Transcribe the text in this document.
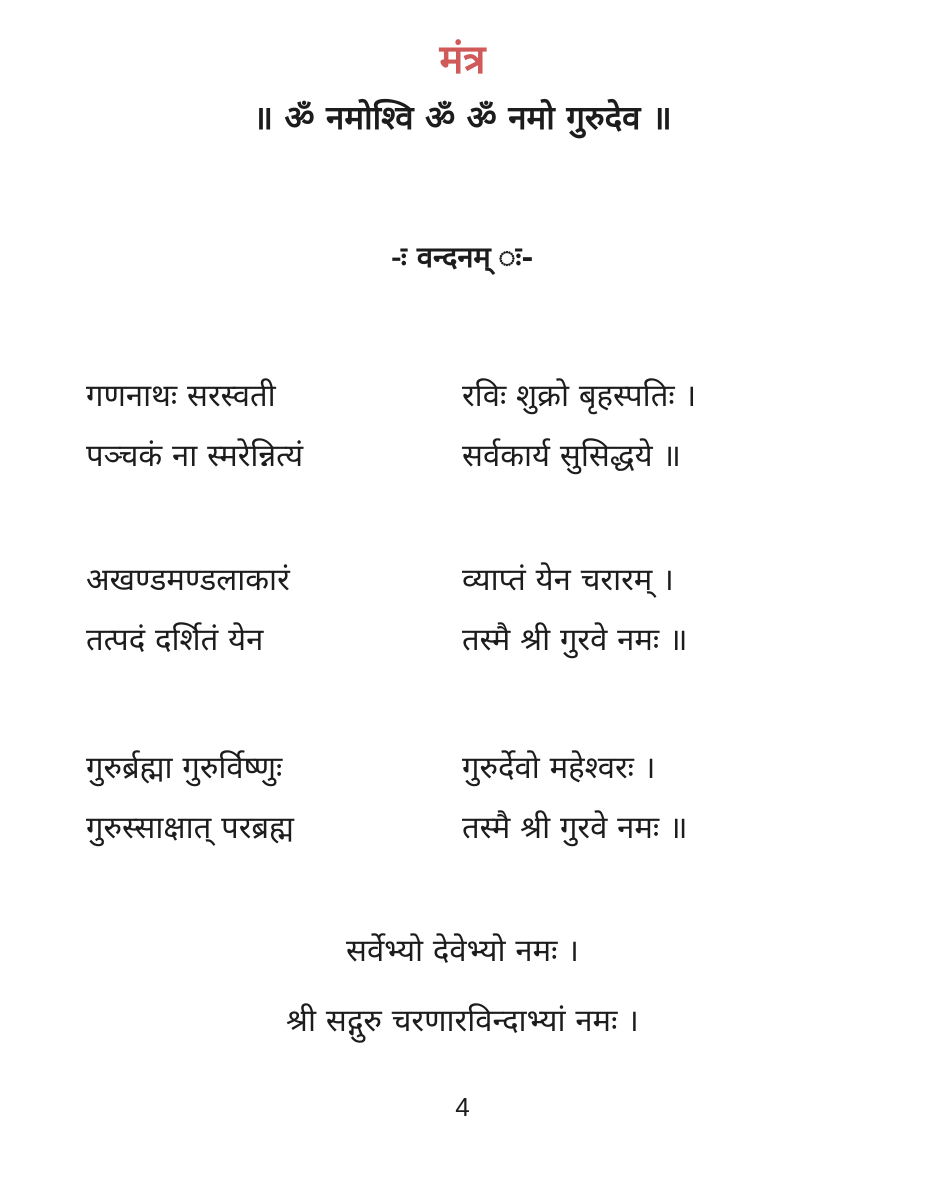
मंत्र
॥ ॐ नमोश्वि ॐ ॐ नमो गुरुदेव ॥
-ः वन्दनम् ः-
गणनाथः सरस्वती	रविः शुक्रो बृहस्पतिः ।
पञ्चकं ना स्मरेन्नित्यं	सर्वकार्य सुसिद्धये ॥
अखण्डमण्डलाकारं	व्याप्तं येन चरारम् ।
तत्पदं दर्शितं येन	तस्मै श्री गुरवे नमः ॥
गुरुर्ब्रह्मा गुरुर्विष्णुः	गुरुर्देवो महेश्वरः ।
गुरुस्साक्षात् परब्रह्म	तस्मै श्री गुरवे नमः ॥
सर्वेभ्यो देवेभ्यो नमः ।
श्री सद्गुरु चरणारविन्दाभ्यां नमः ।
4
